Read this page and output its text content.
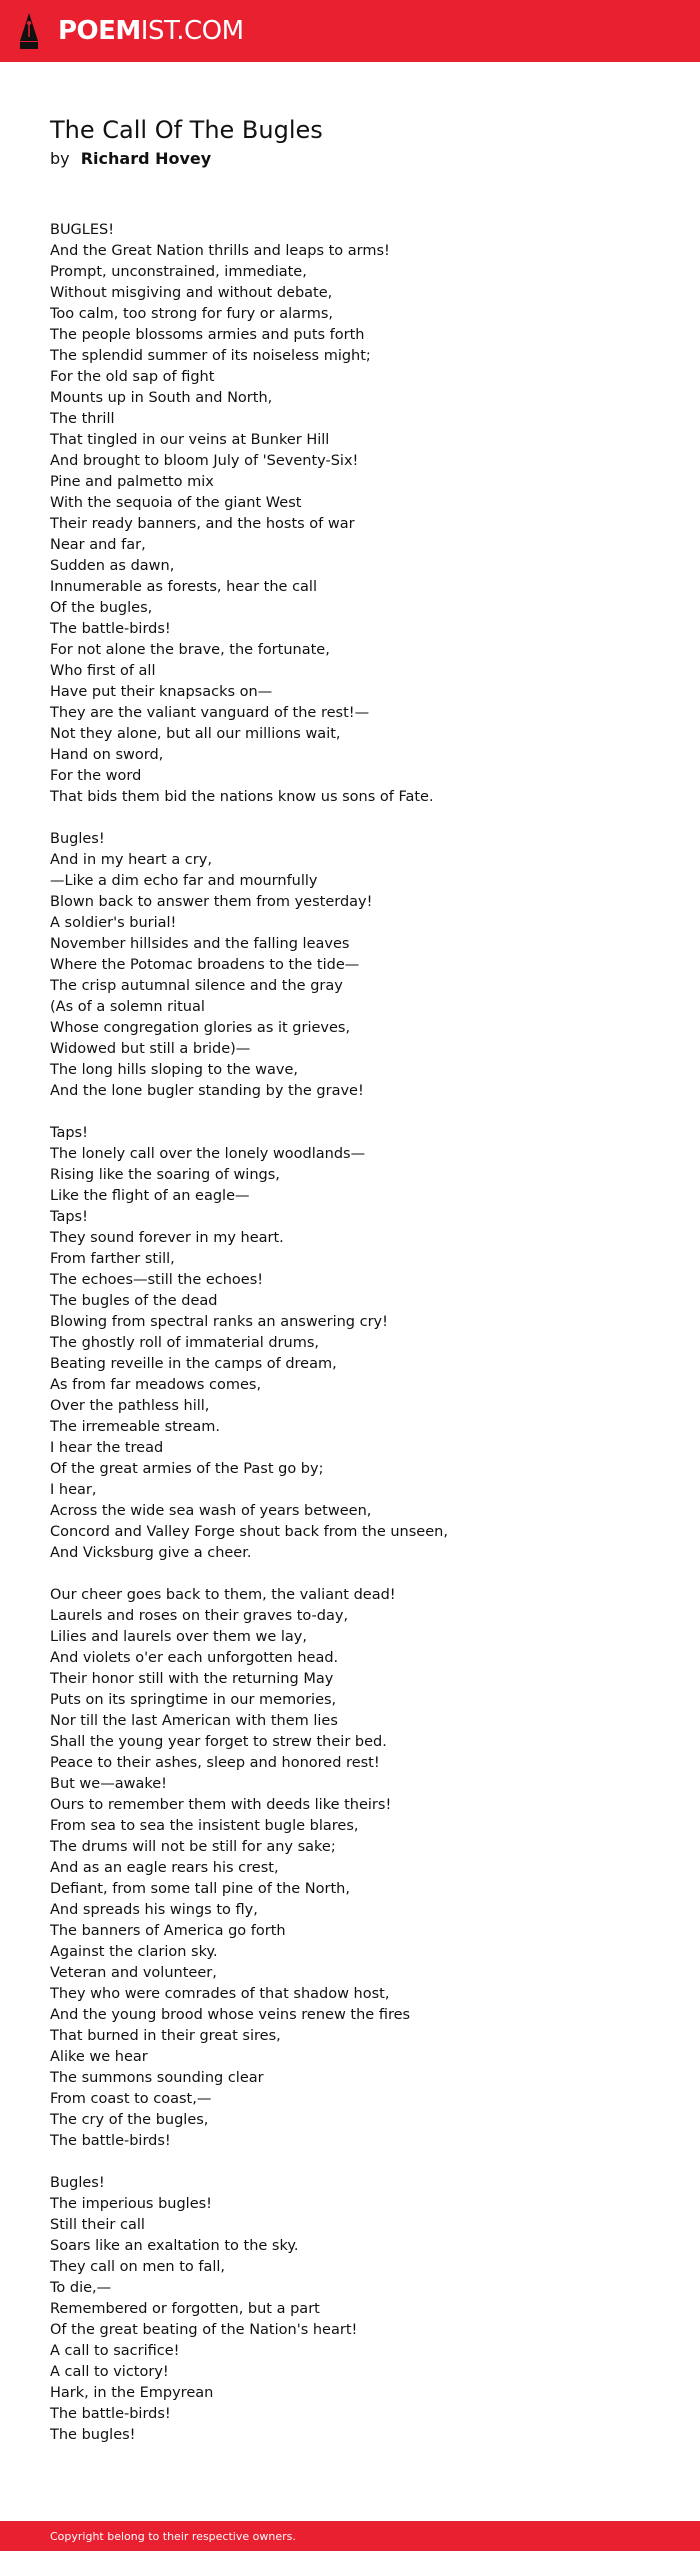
POEMIST.COM
The Call Of The Bugles
by Richard Hovey
BUGLES!
And the Great Nation thrills and leaps to arms!
Prompt, unconstrained, immediate,
Without misgiving and without debate,
Too calm, too strong for fury or alarms,
The people blossoms armies and puts forth
The splendid summer of its noiseless might;
For the old sap of fight
Mounts up in South and North,
The thrill
That tingled in our veins at Bunker Hill
And brought to bloom July of 'Seventy-Six!
Pine and palmetto mix
With the sequoia of the giant West
Their ready banners, and the hosts of war
Near and far,
Sudden as dawn,
Innumerable as forests, hear the call
Of the bugles,
The battle-birds!
For not alone the brave, the fortunate,
Who first of all
Have put their knapsacks on—
They are the valiant vanguard of the rest!—
Not they alone, but all our millions wait,
Hand on sword,
For the word
That bids them bid the nations know us sons of Fate.
Bugles!
And in my heart a cry,
—Like a dim echo far and mournfully
Blown back to answer them from yesterday!
A soldier's burial!
November hillsides and the falling leaves
Where the Potomac broadens to the tide—
The crisp autumnal silence and the gray
(As of a solemn ritual
Whose congregation glories as it grieves,
Widowed but still a bride)—
The long hills sloping to the wave,
And the lone bugler standing by the grave!
Taps!
The lonely call over the lonely woodlands—
Rising like the soaring of wings,
Like the flight of an eagle—
Taps!
They sound forever in my heart.
From farther still,
The echoes—still the echoes!
The bugles of the dead
Blowing from spectral ranks an answering cry!
The ghostly roll of immaterial drums,
Beating reveille in the camps of dream,
As from far meadows comes,
Over the pathless hill,
The irremeable stream.
I hear the tread
Of the great armies of the Past go by;
I hear,
Across the wide sea wash of years between,
Concord and Valley Forge shout back from the unseen,
And Vicksburg give a cheer.
Our cheer goes back to them, the valiant dead!
Laurels and roses on their graves to-day,
Lilies and laurels over them we lay,
And violets o'er each unforgotten head.
Their honor still with the returning May
Puts on its springtime in our memories,
Nor till the last American with them lies
Shall the young year forget to strew their bed.
Peace to their ashes, sleep and honored rest!
But we—awake!
Ours to remember them with deeds like theirs!
From sea to sea the insistent bugle blares,
The drums will not be still for any sake;
And as an eagle rears his crest,
Defiant, from some tall pine of the North,
And spreads his wings to fly,
The banners of America go forth
Against the clarion sky.
Veteran and volunteer,
They who were comrades of that shadow host,
And the young brood whose veins renew the fires
That burned in their great sires,
Alike we hear
The summons sounding clear
From coast to coast,—
The cry of the bugles,
The battle-birds!
Bugles!
The imperious bugles!
Still their call
Soars like an exaltation to the sky.
They call on men to fall,
To die,—
Remembered or forgotten, but a part
Of the great beating of the Nation's heart!
A call to sacrifice!
A call to victory!
Hark, in the Empyrean
The battle-birds!
The bugles!
Copyright belong to their respective owners.
